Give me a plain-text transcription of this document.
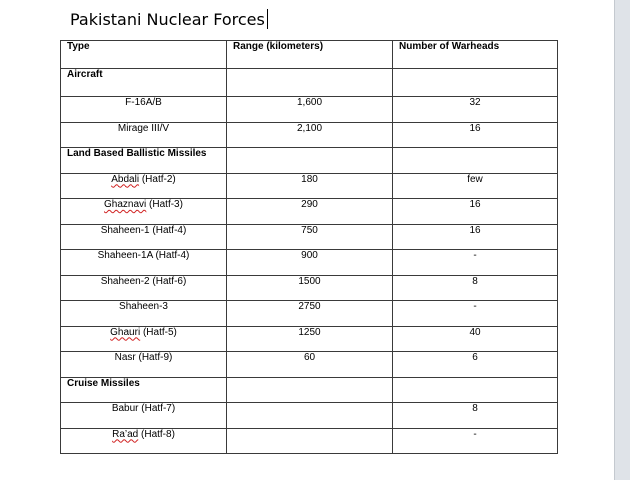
Pakistani Nuclear Forces
Type	Range (kilometers)	Number of Warheads
Aircraft		
F-16A/B	1,600	32
Mirage III/V	2,100	16
Land Based Ballistic Missiles		
Abdali (Hatf-2)	180	few
Ghaznavi (Hatf-3)	290	16
Shaheen-1 (Hatf-4)	750	16
Shaheen-1A (Hatf-4)	900	-
Shaheen-2 (Hatf-6)	1500	8
Shaheen-3	2750	-
Ghauri (Hatf-5)	1250	40
Nasr (Hatf-9)	60	6
Cruise Missiles		
Babur (Hatf-7)		8
Ra’ad (Hatf-8)		-
